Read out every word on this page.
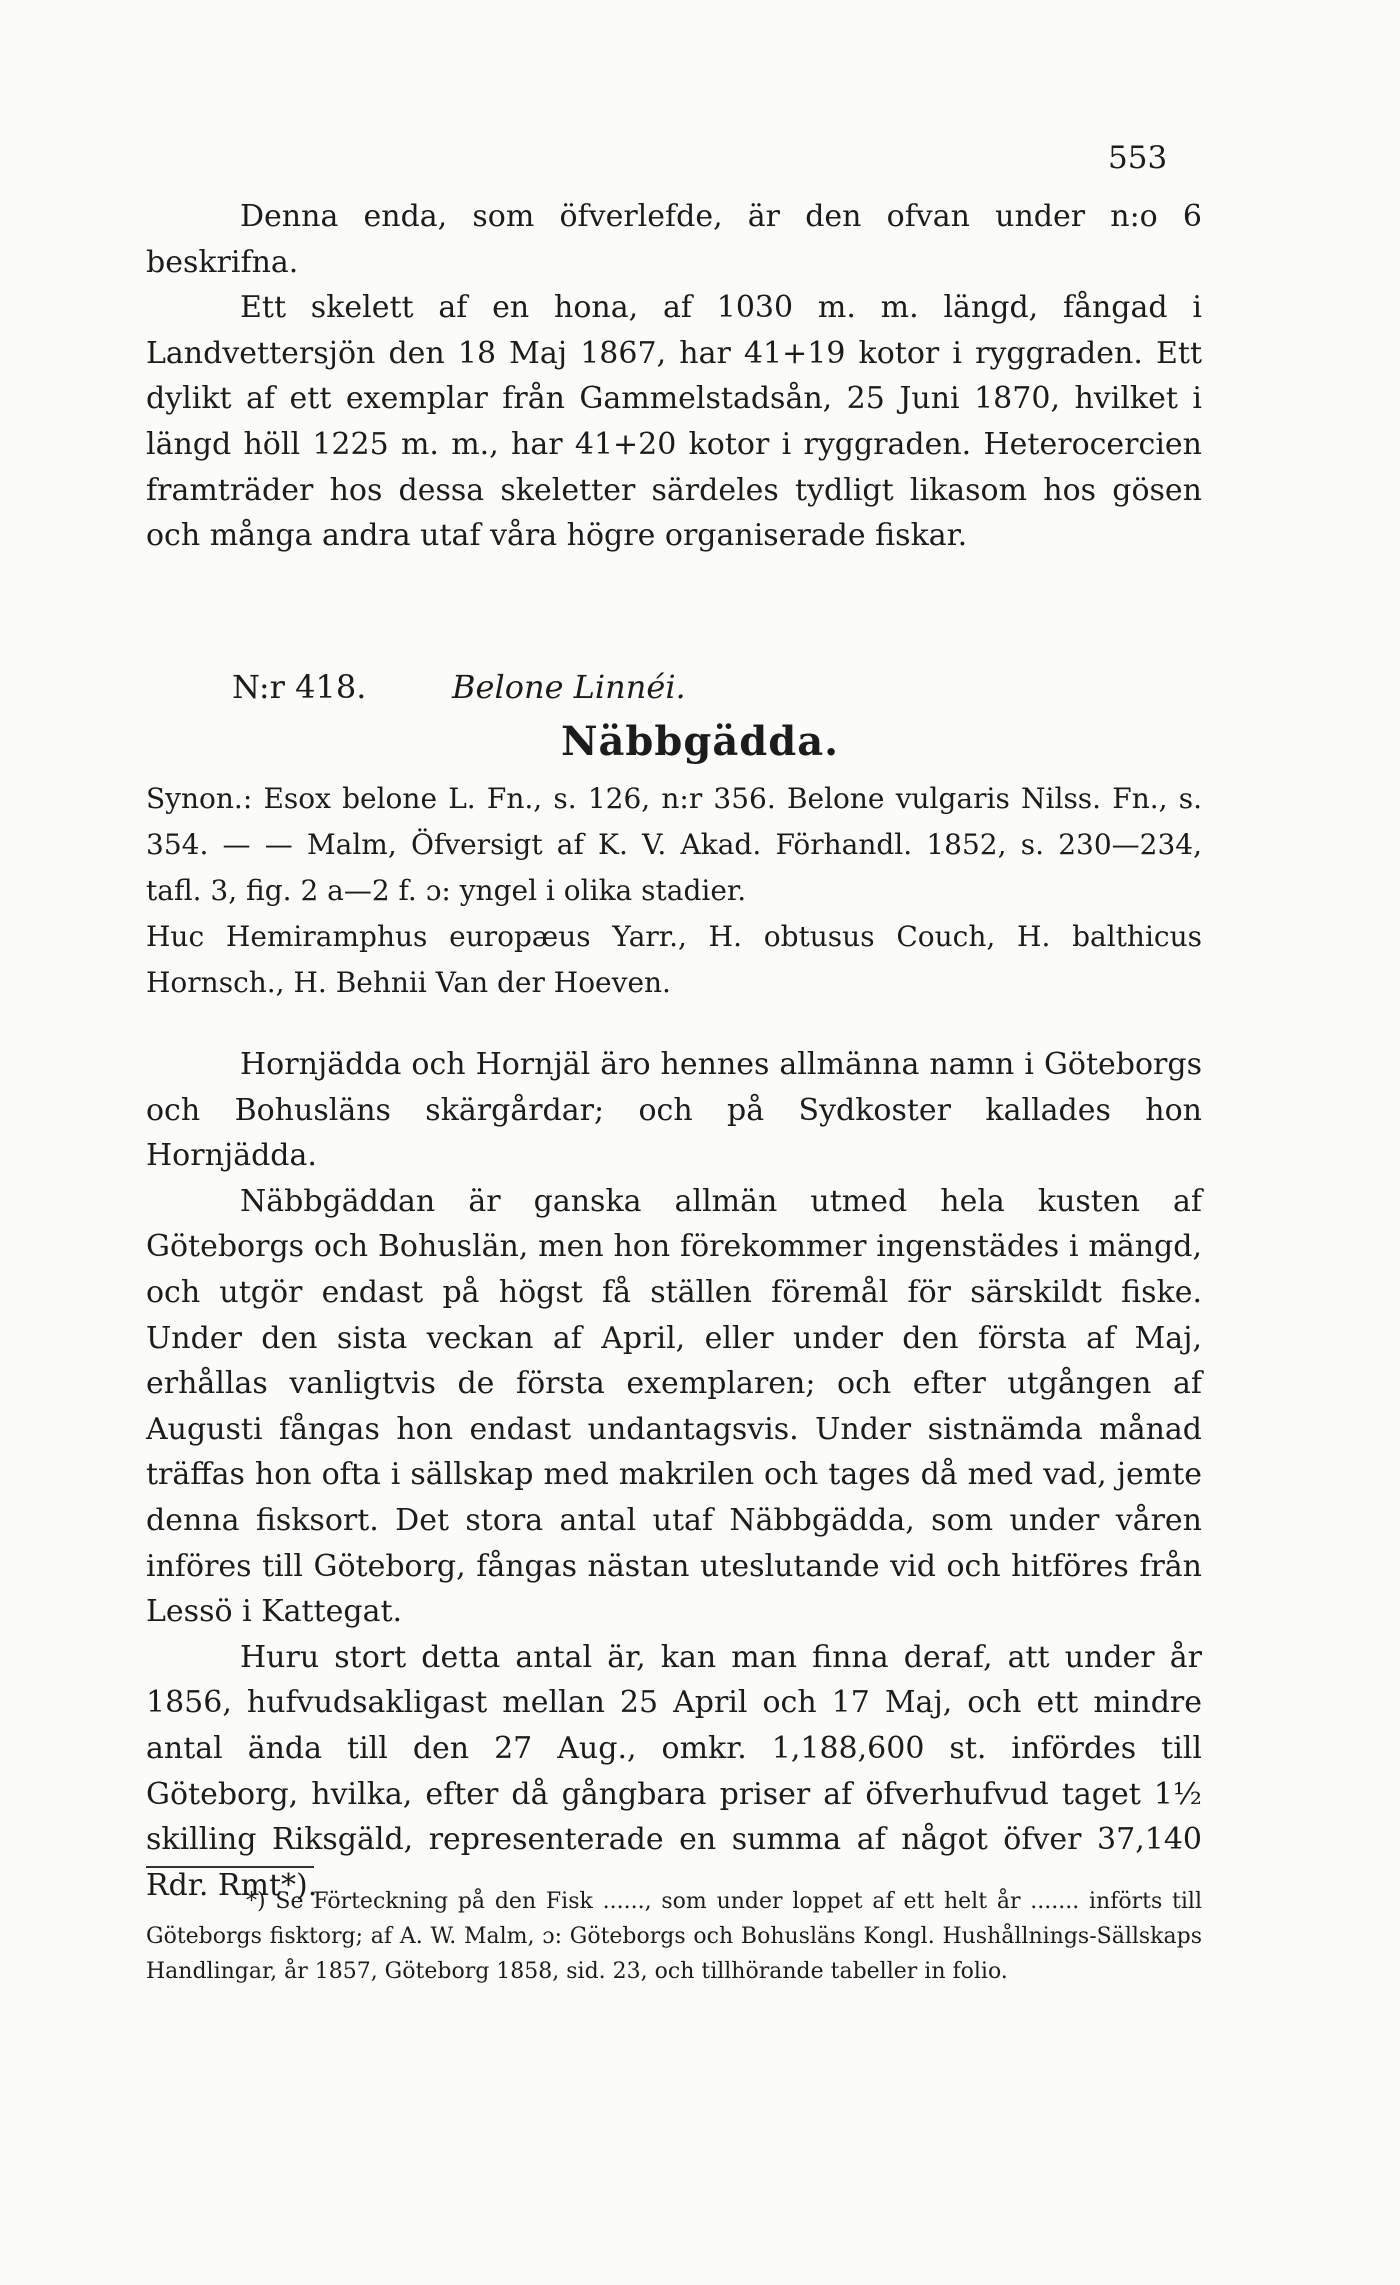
553

Denna enda, som öfverlefde, är den ofvan under n:o 6 beskrifna.

Ett skelett af en hona, af 1030 m. m. längd, fångad i Landvettersjön den 18 Maj 1867, har 41+19 kotor i ryggraden. Ett dylikt af ett exemplar från Gammelstadsån, 25 Juni 1870, hvilket i längd höll 1225 m. m., har 41+20 kotor i ryggraden. Heterocercien framträder hos dessa skeletter särdeles tydligt likasom hos gösen och många andra utaf våra högre organiserade fiskar.

N:r 418.	Belone Linnéi.
Näbbgädda.

Synon.: Esox belone L. Fn., s. 126, n:r 356. Belone vulgaris Nilss. Fn., s. 354. — — Malm, Öfversigt af K. V. Akad. Förhandl. 1852, s. 230—234, tafl. 3, fig. 2 a—2 f. ɔ: yngel i olika stadier.

Huc Hemiramphus europæus Yarr., H. obtusus Couch, H. balthicus Hornsch., H. Behnii Van der Hoeven.

Hornjädda och Hornjäl äro hennes allmänna namn i Göteborgs och Bohusläns skärgårdar; och på Sydkoster kallades hon Hornjädda.

Näbbgäddan är ganska allmän utmed hela kusten af Göteborgs och Bohuslän, men hon förekommer ingenstädes i mängd, och utgör endast på högst få ställen föremål för särskildt fiske. Under den sista veckan af April, eller under den första af Maj, erhållas vanligtvis de första exemplaren; och efter utgången af Augusti fångas hon endast undantagsvis. Under sistnämda månad träffas hon ofta i sällskap med makrilen och tages då med vad, jemte denna fisksort. Det stora antal utaf Näbbgädda, som under våren införes till Göteborg, fångas nästan uteslutande vid och hitföres från Lessö i Kattegat.

Huru stort detta antal är, kan man finna deraf, att under år 1856, hufvudsakligast mellan 25 April och 17 Maj, och ett mindre antal ända till den 27 Aug., omkr. 1,188,600 st. infördes till Göteborg, hvilka, efter då gångbara priser af öfverhufvud taget 1½ skilling Riksgäld, representerade en summa af något öfver 37,140 Rdr. Rmt*).

*) Se Förteckning på den Fisk ......, som under loppet af ett helt år ....... införts till Göteborgs fisktorg; af A. W. Malm, ɔ: Göteborgs och Bohusläns Kongl. Hushållnings-Sällskaps Handlingar, år 1857, Göteborg 1858, sid. 23, och tillhörande tabeller in folio.
